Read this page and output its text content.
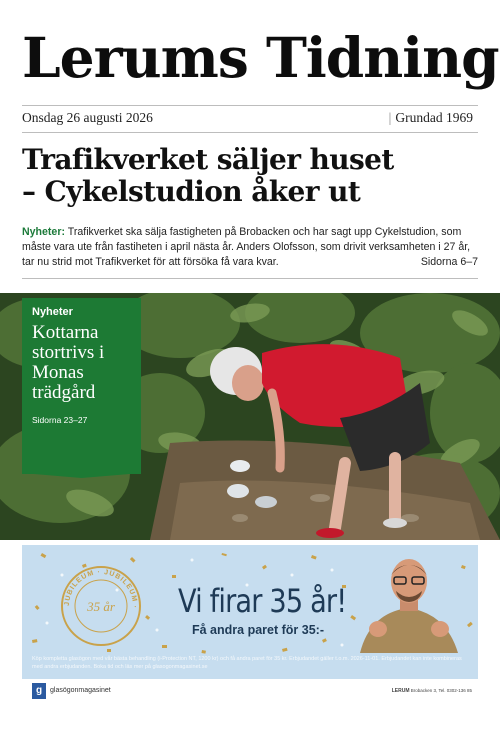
Lerums Tidning
Onsdag 26 augusti 2026	| Grundad 1969
Trafikverket säljer huset
– Cykelstudion åker ut
Nyheter: Trafikverket ska sälja fastigheten på Brobacken och har sagt upp Cykelstudion, som måste vara ute från fastiheten i april nästa år. Anders Olofsson, som drivit verksamheten i 27 år, tar nu strid mot Trafikverket för att försöka få vara kvar.	Sidorna 6–7
Nyheter
Kottarna stortrivs i Monas trädgård
Sidorna 23–27
JUBILEUM · JUBILEUM ·
35 år Vi firar 35 år!
Få andra paret för 35:-
Köp kompletta glasögon med vår bästa behandling (i-Protection NT, 1200 kr) och få andra paret för 35 kr. Erbjudandet gäller t.o.m. 2026-11-01. Erbjudandet kan inte kombineras med andra erbjudanden. Boka tid och läs mer på glasogonmagasinet.se
g	glasögonmagasinet	LERUM Brobacken 3, Tel. 0302-136 85
